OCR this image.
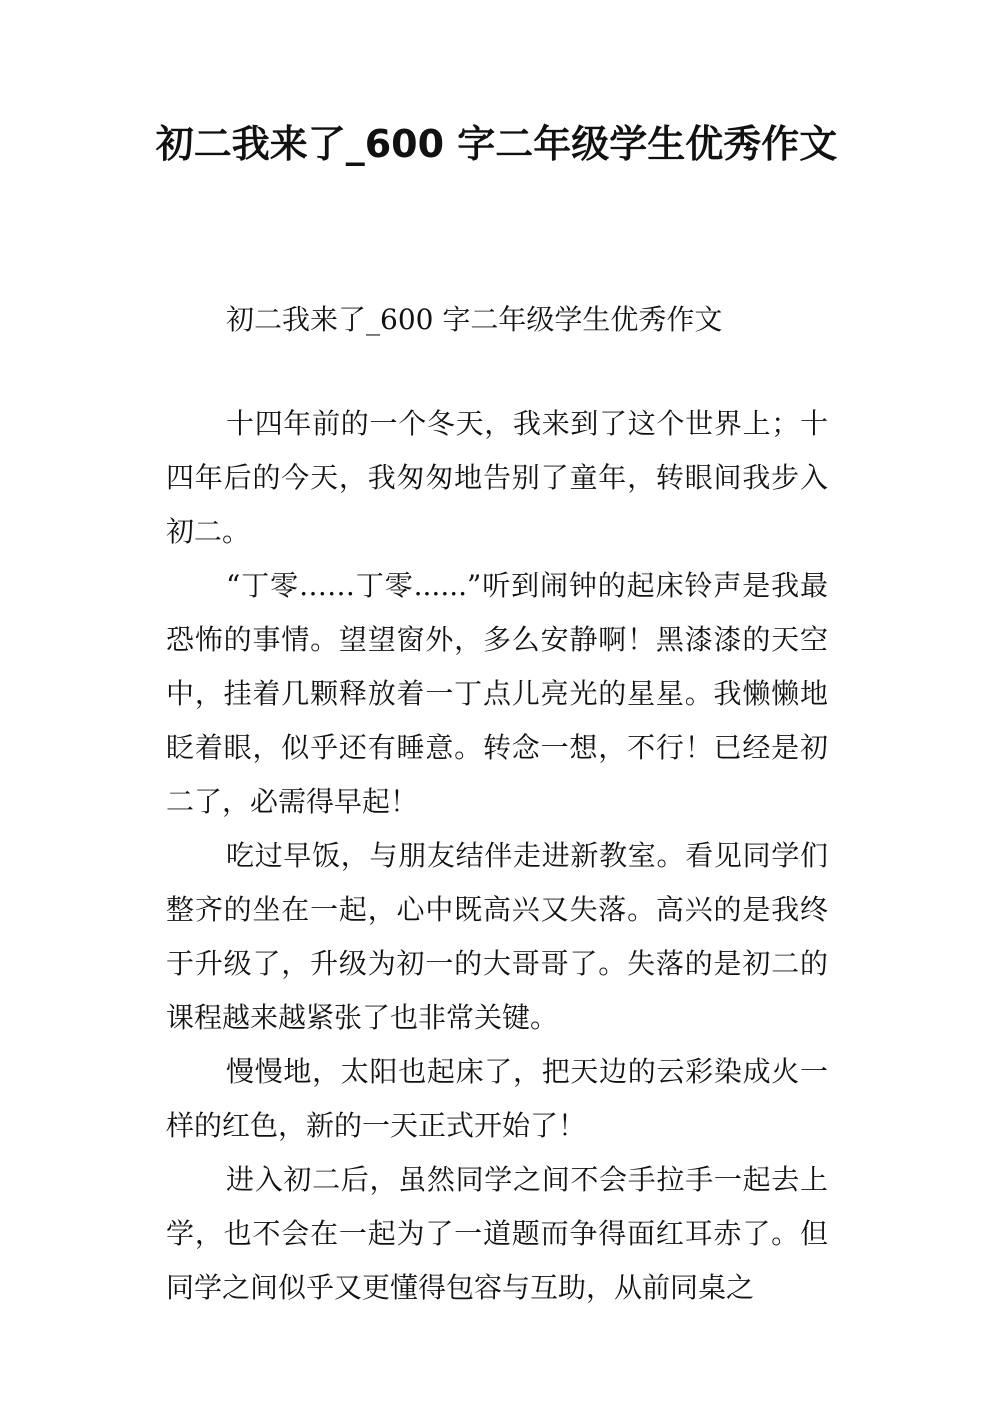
初二我来了_600 字二年级学生优秀作文
初二我来了_600 字二年级学生优秀作文

十四年前的一个冬天，我来到了这个世界上；十四年后的今天，我匆匆地告别了童年，转眼间我步入初二。

“丁零……丁零......”听到闹钟的起床铃声是我最恐怖的事情。望望窗外，多么安静啊！黑漆漆的天空中，挂着几颗释放着一丁点儿亮光的星星。我懒懒地眨着眼，似乎还有睡意。转念一想，不行！已经是初二了，必需得早起！

吃过早饭，与朋友结伴走进新教室。看见同学们整齐的坐在一起，心中既高兴又失落。高兴的是我终于升级了，升级为初一的大哥哥了。失落的是初二的课程越来越紧张了也非常关键。

慢慢地，太阳也起床了，把天边的云彩染成火一样的红色，新的一天正式开始了！

进入初二后，虽然同学之间不会手拉手一起去上学，也不会在一起为了一道题而争得面红耳赤了。但同学之间似乎又更懂得包容与互助，从前同桌之
